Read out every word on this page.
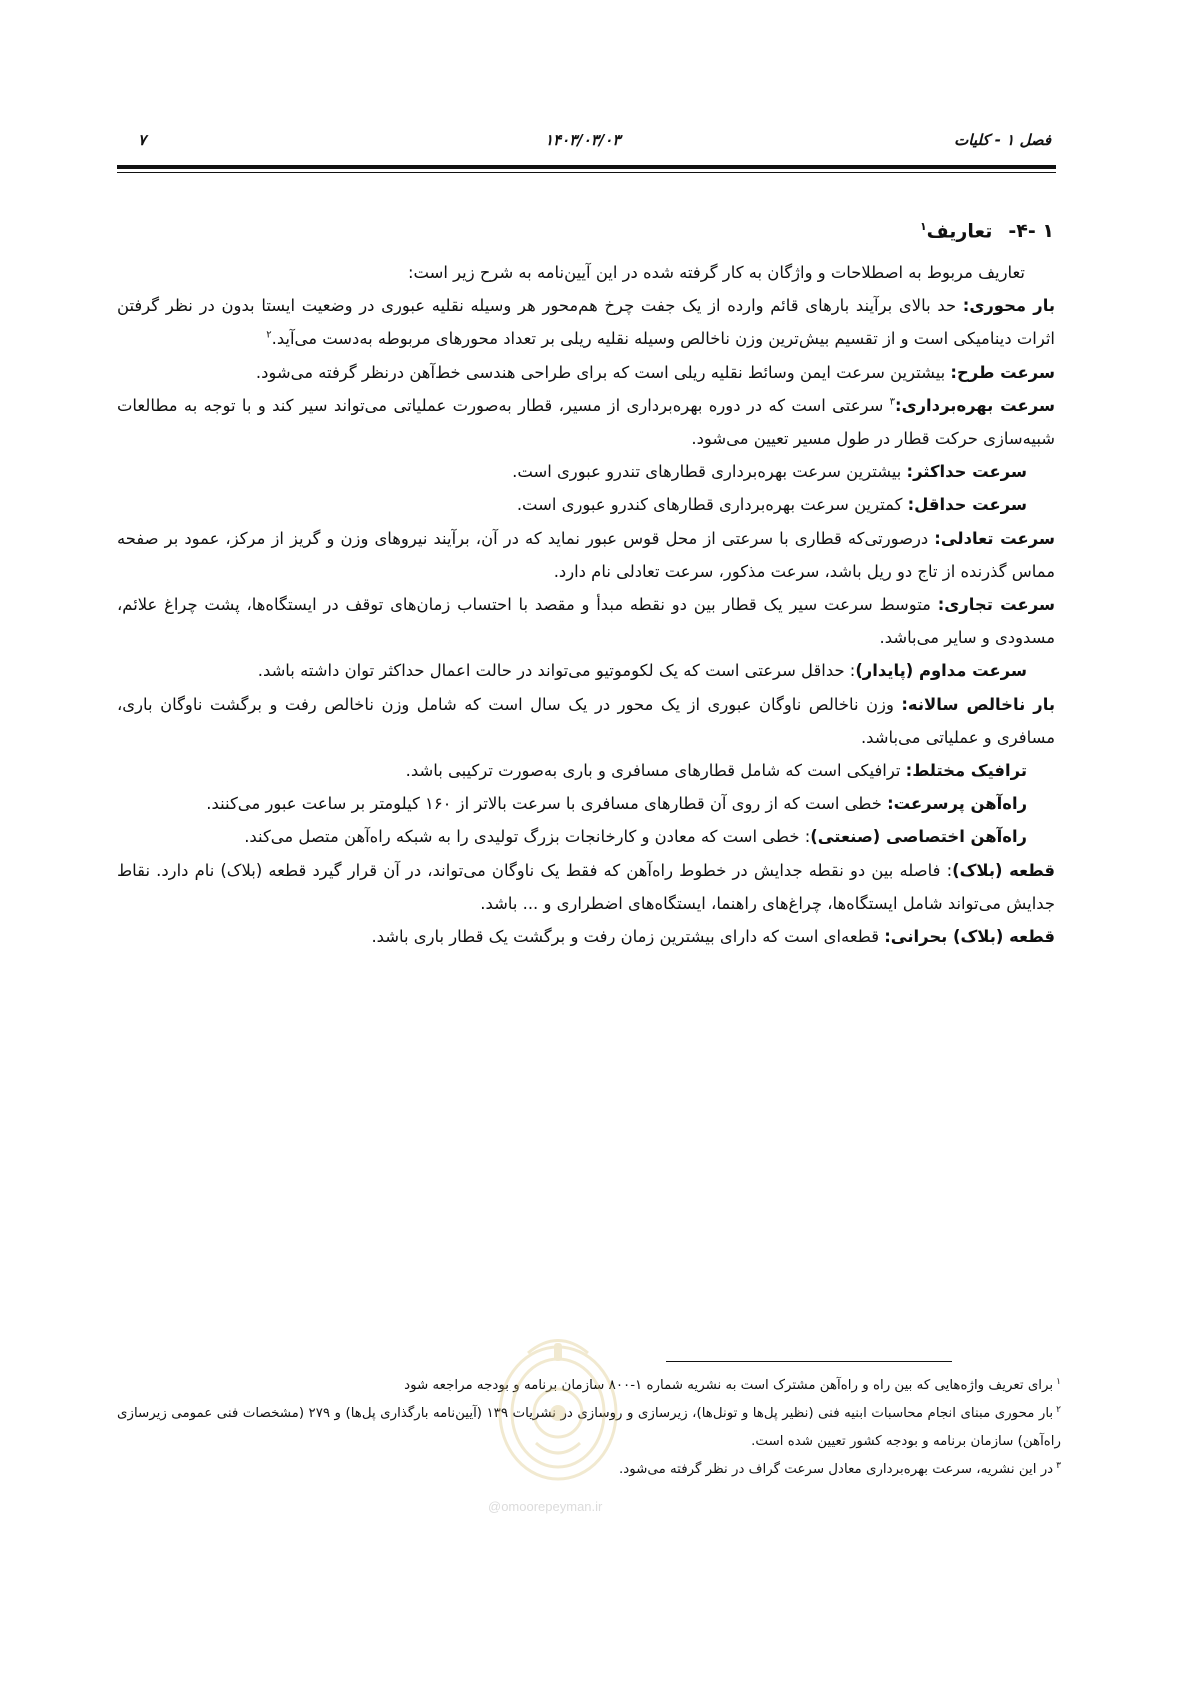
فصل ۱ - کلیات
۱۴۰۳/۰۳/۰۳
۷
۱ -۴-تعاریف$^۱$

تعاریف مربوط به اصطلاحات و واژگان به کار گرفته شده در این آیین‌نامه به شرح زیر است:

بار محوری: حد بالای برآیند بارهای قائم وارده از یک جفت چرخ هم‌محور هر وسیله نقلیه عبوری در وضعیت ایستا بدون در نظر گرفتن اثرات دینامیکی است و از تقسیم بیش‌ترین وزن ناخالص وسیله نقلیه ریلی بر تعداد محورهای مربوطه به‌دست می‌آید.$^۲$

سرعت طرح: بیشترین سرعت ایمن وسائط نقلیه ریلی است که برای طراحی هندسی خط‌آهن درنظر گرفته می‌شود.

سرعت بهره‌برداری:$^۳$ سرعتی است که در دوره بهره‌برداری از مسیر، قطار به‌صورت عملیاتی می‌تواند سیر کند و با توجه به مطالعات شبیه‌سازی حرکت قطار در طول مسیر تعیین می‌شود.

سرعت حداکثر: بیشترین سرعت بهره‌برداری قطارهای تندرو عبوری است.

سرعت حداقل: کمترین سرعت بهره‌برداری قطارهای کندرو عبوری است.

سرعت تعادلی: درصورتی‌که قطاری با سرعتی از محل قوس عبور نماید که در آن، برآیند نیروهای وزن و گریز از مرکز، عمود بر صفحه مماس گذرنده از تاج دو ریل باشد، سرعت مذکور، سرعت تعادلی نام دارد.

سرعت تجاری: متوسط سرعت سیر یک قطار بین دو نقطه مبدأ و مقصد با احتساب زمان‌های توقف در ایستگاه‌ها، پشت چراغ علائم، مسدودی و سایر می‌باشد.

سرعت مداوم (پایدار): حداقل سرعتی است که یک لکوموتیو می‌تواند در حالت اعمال حداکثر توان داشته باشد.

بار ناخالص سالانه: وزن ناخالص ناوگان عبوری از یک محور در یک سال است که شامل وزن ناخالص رفت و برگشت ناوگان باری، مسافری و عملیاتی می‌باشد.

ترافیک مختلط: ترافیکی است که شامل قطارهای مسافری و باری به‌صورت ترکیبی باشد.

راه‌آهن پرسرعت: خطی است که از روی آن قطارهای مسافری با سرعت بالاتر از ۱۶۰ کیلومتر بر ساعت عبور می‌کنند.

راه‌آهن اختصاصی (صنعتی): خطی است که معادن و کارخانجات بزرگ تولیدی را به شبکه راه‌آهن متصل می‌کند.

قطعه (بلاک): فاصله بین دو نقطه جدایش در خطوط راه‌آهن که فقط یک ناوگان می‌تواند، در آن قرار گیرد قطعه (بلاک) نام دارد. نقاط جدایش می‌تواند شامل ایستگاه‌ها، چراغ‌های راهنما، ایستگاه‌های اضطراری و ... باشد.

قطعه (بلاک) بحرانی: قطعه‌ای است که دارای بیشترین زمان رفت و برگشت یک قطار باری باشد.

$^۱$برای تعریف واژه‌هایی که بین راه و راه‌آهن مشترک است به نشریه شماره ۱-۸۰۰ سازمان برنامه و بودجه مراجعه شود

$^۲$بار محوری مبنای انجام محاسبات ابنیه فنی (نظیر پل‌ها و تونل‌ها)، زیرسازی و روسازی در نشریات ۱۳۹ (آیین‌نامه بارگذاری پل‌ها) و ۲۷۹ (مشخصات فنی عمومی زیرسازی راه‌آهن) سازمان برنامه و بودجه کشور تعیین شده است.

$^۳$در این نشریه، سرعت بهره‌برداری معادل سرعت گراف در نظر گرفته می‌شود.

@omoorepeyman.ir
